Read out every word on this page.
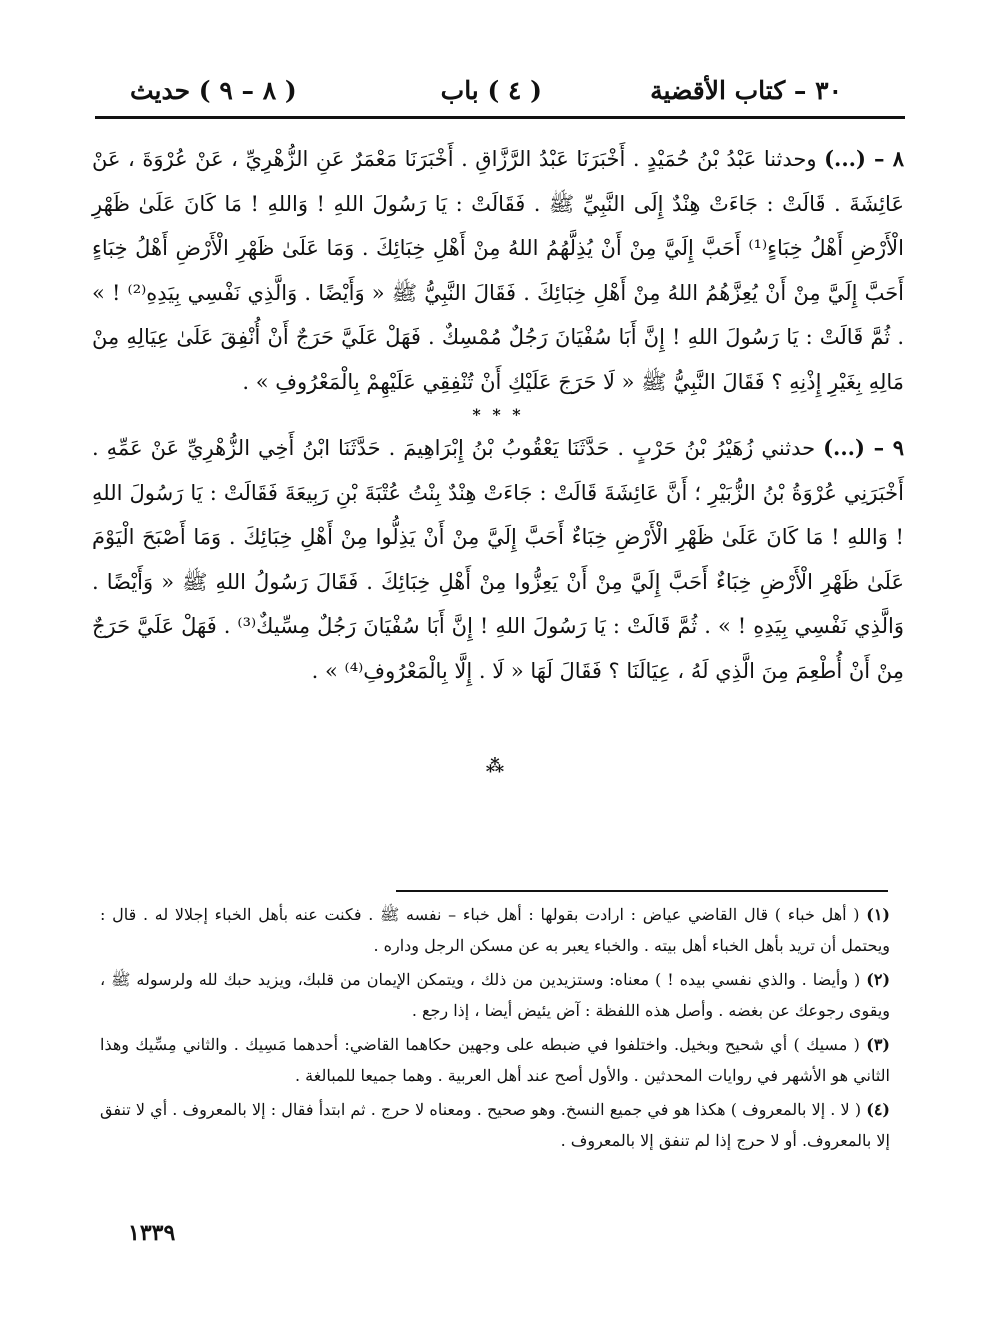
٣٠ – كتاب الأقضية
( ٤ ) باب
( ٨ – ٩ ) حديث

٨ – (...) وحدثنا عَبْدُ بْنُ حُمَيْدٍ . أَخْبَرَنَا عَبْدُ الرَّزَّاقِ . أَخْبَرَنَا مَعْمَرٌ عَنِ الزُّهْرِيِّ ، عَنْ عُرْوَةَ ، عَنْ عَائِشَةَ . قَالَتْ : جَاءَتْ هِنْدٌ إِلَى النَّبِيِّ ﷺ . فَقَالَتْ : يَا رَسُولَ اللهِ ! وَاللهِ ! مَا كَانَ عَلَىٰ ظَهْرِ الْأَرْضِ أَهْلُ خِبَاءٍ⁽¹⁾ أَحَبَّ إِلَيَّ مِنْ أَنْ يُذِلَّهُمُ اللهُ مِنْ أَهْلِ خِبَائِكَ . وَمَا عَلَىٰ ظَهْرِ الْأَرْضِ أَهْلُ خِبَاءٍ أَحَبَّ إِلَيَّ مِنْ أَنْ يُعِزَّهُمُ اللهُ مِنْ أَهْلِ خِبَائِكَ . فَقَالَ النَّبِيُّ ﷺ « وَأَيْضًا . وَالَّذِي نَفْسِي بِيَدِهِ⁽²⁾ ! » . ثُمَّ قَالَتْ : يَا رَسُولَ اللهِ ! إِنَّ أَبَا سُفْيَانَ رَجُلٌ مُمْسِكٌ . فَهَلْ عَلَيَّ حَرَجٌ أَنْ أُنْفِقَ عَلَىٰ عِيَالِهِ مِنْ مَالِهِ بِغَيْرِ إِذْنِهِ ؟ فَقَالَ النَّبِيُّ ﷺ « لَا حَرَجَ عَلَيْكِ أَنْ تُنْفِقِي عَلَيْهِمْ بِالْمَعْرُوفِ » .

* * *

٩ – (...) حدثني زُهَيْرُ بْنُ حَرْبٍ . حَدَّثَنَا يَعْقُوبُ بْنُ إِبْرَاهِيمَ . حَدَّثَنَا ابْنُ أَخِي الزُّهْرِيِّ عَنْ عَمِّهِ . أَخْبَرَنِي عُرْوَةُ بْنُ الزُّبَيْرِ ؛ أَنَّ عَائِشَةَ قَالَتْ : جَاءَتْ هِنْدٌ بِنْتُ عُتْبَةَ بْنِ رَبِيعَةَ فَقَالَتْ : يَا رَسُولَ اللهِ ! وَاللهِ ! مَا كَانَ عَلَىٰ ظَهْرِ الْأَرْضِ خِبَاءٌ أَحَبَّ إِلَيَّ مِنْ أَنْ يَذِلُّوا مِنْ أَهْلِ خِبَائِكَ . وَمَا أَصْبَحَ الْيَوْمَ عَلَىٰ ظَهْرِ الْأَرْضِ خِبَاءٌ أَحَبَّ إِلَيَّ مِنْ أَنْ يَعِزُّوا مِنْ أَهْلِ خِبَائِكَ . فَقَالَ رَسُولُ اللهِ ﷺ « وَأَيْضًا . وَالَّذِي نَفْسِي بِيَدِهِ ! » . ثُمَّ قَالَتْ : يَا رَسُولَ اللهِ ! إِنَّ أَبَا سُفْيَانَ رَجُلٌ مِسِّيكٌ⁽³⁾ . فَهَلْ عَلَيَّ حَرَجٌ مِنْ أَنْ أُطْعِمَ مِنَ الَّذِي لَهُ ، عِيَالَنَا ؟ فَقَالَ لَهَا « لَا . إِلَّا بِالْمَعْرُوفِ⁽⁴⁾ » .

⁂

(١) ( أهل خباء ) قال القاضي عياض : ارادت بقولها : أهل خباء – نفسه ﷺ . فكنت عنه بأهل الخباء إجلالا له . قال : ويحتمل أن تريد بأهل الخباء أهل بيته . والخباء يعبر به عن مسكن الرجل وداره .

(٢) ( وأيضا . والذي نفسي بيده ! ) معناه: وستزيدين من ذلك ، ويتمكن الإيمان من قلبك، ويزيد حبك لله ولرسوله ﷺ ، ويقوى رجوعك عن بغضه . وأصل هذه اللفظة : آض يئيض أيضا ، إذا رجع .

(٣) ( مسيك ) أي شحيح وبخيل. واختلفوا في ضبطه على وجهين حكاهما القاضي: أحدهما مَسِيك . والثاني مِسِّيك وهذا الثاني هو الأشهر في روايات المحدثين . والأول أصح عند أهل العربية . وهما جميعا للمبالغة .

(٤) ( لا . إلا بالمعروف ) هكذا هو في جميع النسخ. وهو صحيح . ومعناه لا حرج . ثم ابتدأ فقال : إلا بالمعروف . أي لا تنفق إلا بالمعروف. أو لا حرج إذا لم تنفق إلا بالمعروف .

١٣٣٩
